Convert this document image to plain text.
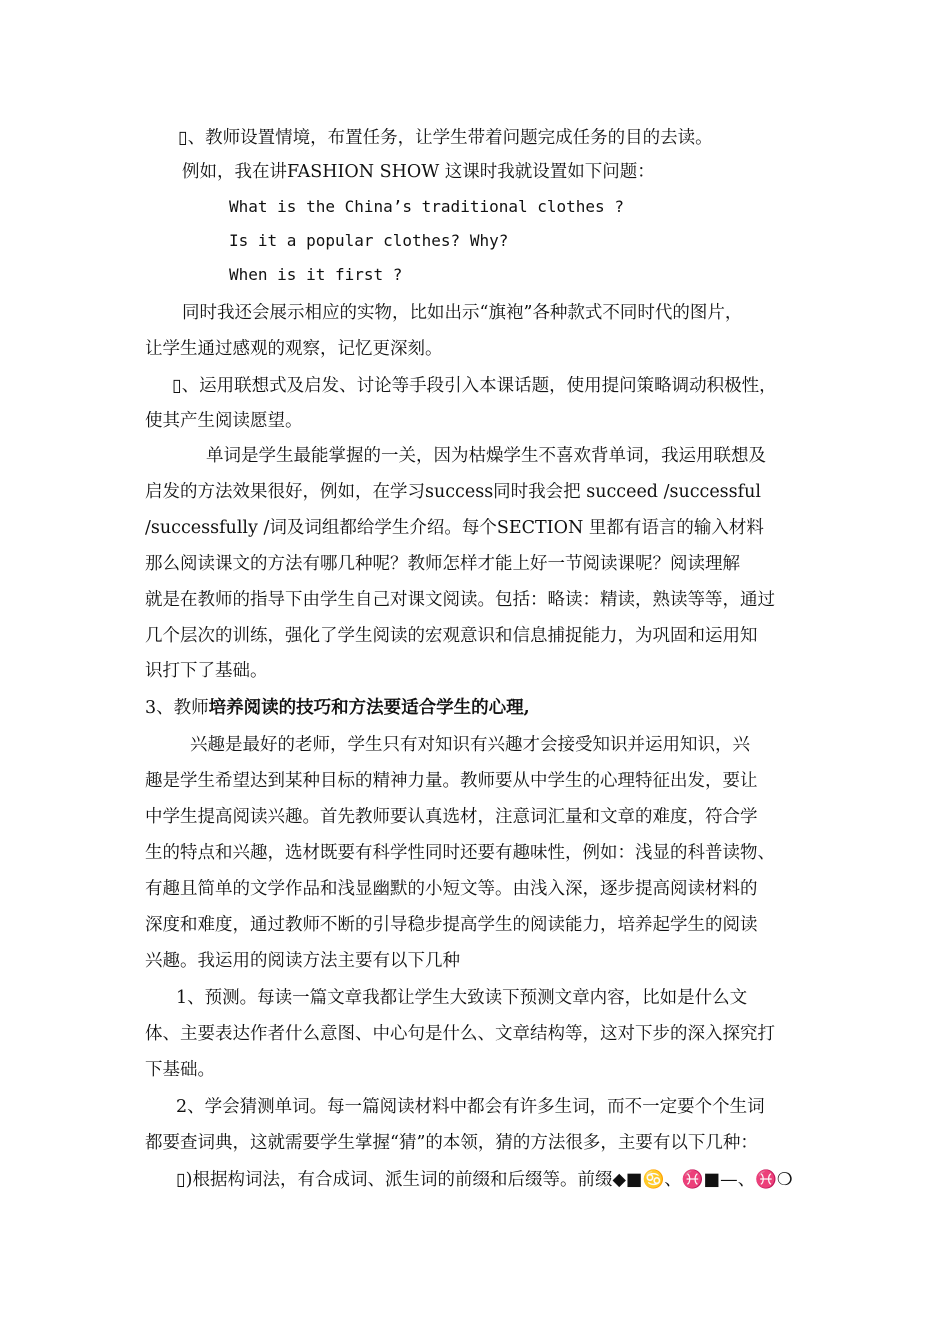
▯、教师设置情境，布置任务，让学生带着问题完成任务的目的去读。

例如，我在讲FASHION SHOW 这课时我就设置如下问题：

What is the China’s traditional clothes ?

Is it a popular clothes? Why?

When is it first ?

同时我还会展示相应的实物，比如出示“旗袍”各种款式不同时代的图片，

让学生通过感观的观察，记忆更深刻。

▯、运用联想式及启发、讨论等手段引入本课话题，使用提问策略调动积极性，

使其产生阅读愿望。

单词是学生最能掌握的一关，因为枯燥学生不喜欢背单词，我运用联想及

启发的方法效果很好，例如，在学习success同时我会把 succeed /successful

/successfully /词及词组都给学生介绍。每个SECTION 里都有语言的输入材料

那么阅读课文的方法有哪几种呢？教师怎样才能上好一节阅读课呢？阅读理解

就是在教师的指导下由学生自己对课文阅读。包括：略读：精读，熟读等等，通过

几个层次的训练，强化了学生阅读的宏观意识和信息捕捉能力，为巩固和运用知

识打下了基础。

3、教师培养阅读的技巧和方法要适合学生的心理,

兴趣是最好的老师，学生只有对知识有兴趣才会接受知识并运用知识，兴

趣是学生希望达到某种目标的精神力量。教师要从中学生的心理特征出发，要让

中学生提高阅读兴趣。首先教师要认真选材，注意词汇量和文章的难度，符合学

生的特点和兴趣，选材既要有科学性同时还要有趣味性，例如：浅显的科普读物、

有趣且简单的文学作品和浅显幽默的小短文等。由浅入深，逐步提高阅读材料的

深度和难度，通过教师不断的引导稳步提高学生的阅读能力，培养起学生的阅读

兴趣。我运用的阅读方法主要有以下几种

1、预测。每读一篇文章我都让学生大致读下预测文章内容，比如是什么文

体、主要表达作者什么意图、中心句是什么、文章结构等，这对下步的深入探究打

下基础。

2、学会猜测单词。每一篇阅读材料中都会有许多生词，而不一定要个个生词

都要查词典，这就需要学生掌握“猜”的本领，猜的方法很多，主要有以下几种：

▯)根据构词法，有合成词、派生词的前缀和后缀等。前缀◆■♋、♓■—、♓❍
